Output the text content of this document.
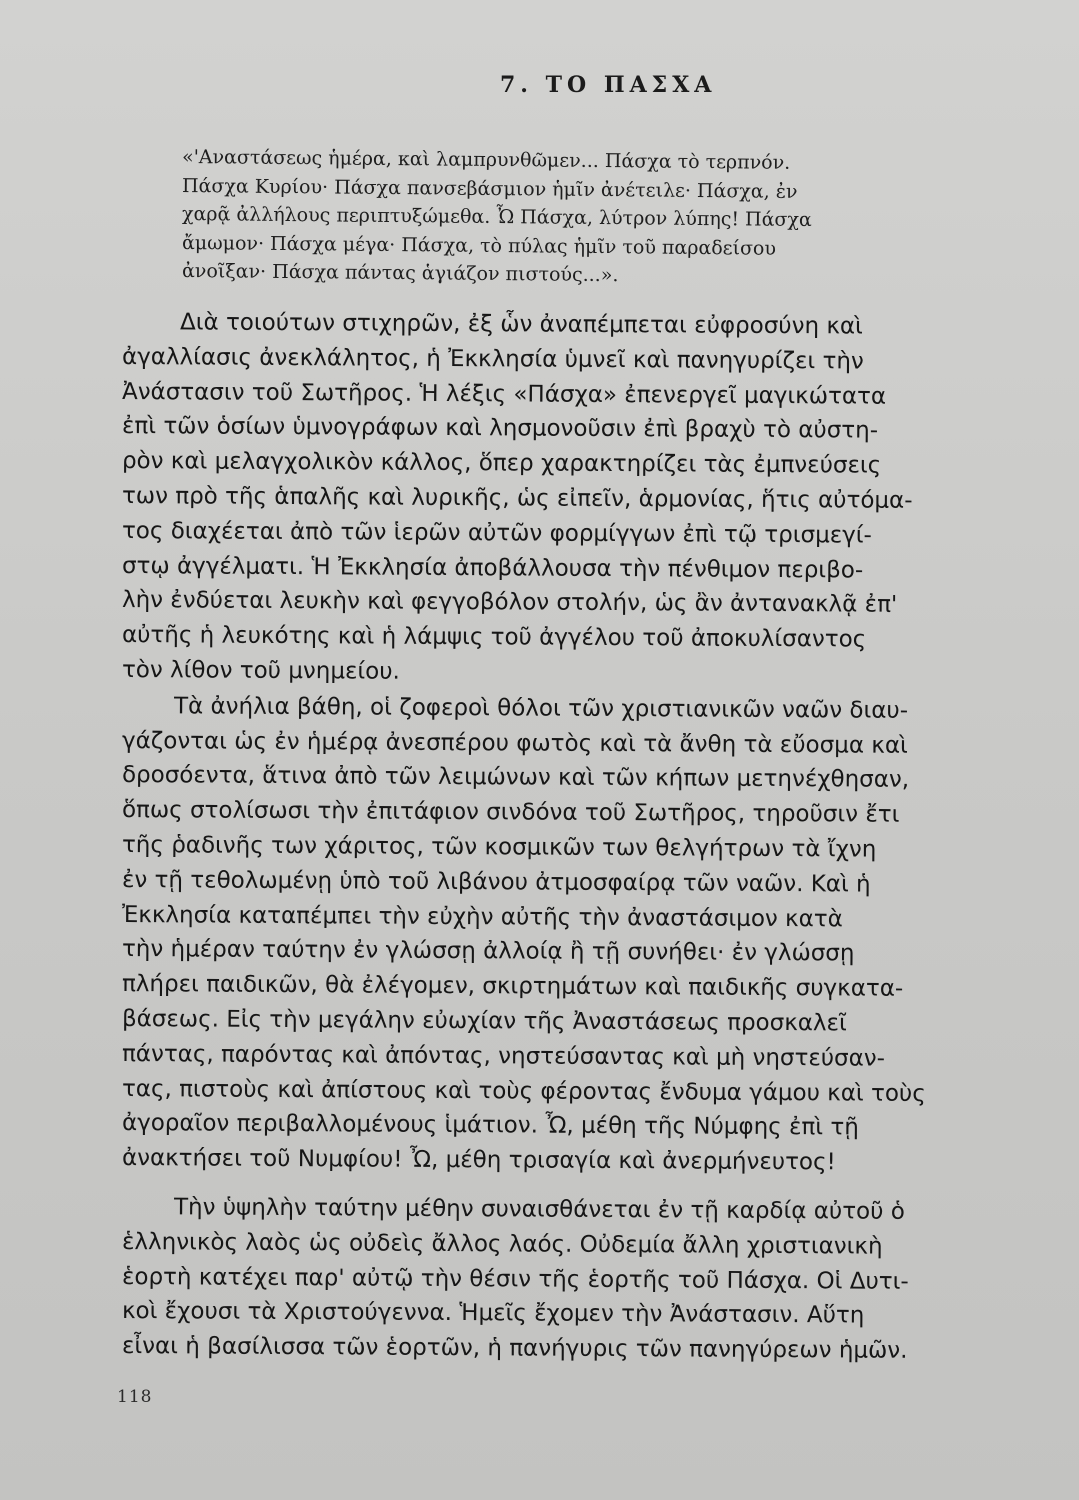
7. ΤΟ ΠΑΣΧΑ
«'Αναστάσεως ἡμέρα, καὶ λαμπρυνθῶμεν... Πάσχα τὸ τερπνόν.
Πάσχα Κυρίου· Πάσχα πανσεβάσμιον ἡμῖν ἀνέτειλε· Πάσχα, ἐν
χαρᾷ ἀλλήλους περιπτυξώμεθα. Ὦ Πάσχα, λύτρον λύπης! Πάσχα
ἄμωμον· Πάσχα μέγα· Πάσχα, τὸ πύλας ἡμῖν τοῦ παραδείσου
ἀνοῖξαν· Πάσχα πάντας ἁγιάζον πιστούς...».
Διὰ τοιούτων στιχηρῶν, ἐξ ὧν ἀναπέμπεται εὐφροσύνη καὶ
ἀγαλλίασις ἀνεκλάλητος, ἡ Ἐκκλησία ὑμνεῖ καὶ πανηγυρίζει τὴν
Ἀνάστασιν τοῦ Σωτῆρος. Ἡ λέξις «Πάσχα» ἐπενεργεῖ μαγικώτατα
ἐπὶ τῶν ὁσίων ὑμνογράφων καὶ λησμονοῦσιν ἐπὶ βραχὺ τὸ αὐστη-
ρὸν καὶ μελαγχολικὸν κάλλος, ὅπερ χαρακτηρίζει τὰς ἐμπνεύσεις
των πρὸ τῆς ἁπαλῆς καὶ λυρικῆς, ὡς εἰπεῖν, ἁρμονίας, ἥτις αὐτόμα-
τος διαχέεται ἀπὸ τῶν ἱερῶν αὐτῶν φορμίγγων ἐπὶ τῷ τρισμεγί-
στῳ ἀγγέλματι. Ἡ Ἐκκλησία ἀποβάλλουσα τὴν πένθιμον περιβο-
λὴν ἐνδύεται λευκὴν καὶ φεγγοβόλον στολήν, ὡς ἂν ἀντανακλᾷ ἐπ'
αὐτῆς ἡ λευκότης καὶ ἡ λάμψις τοῦ ἀγγέλου τοῦ ἀποκυλίσαντος
τὸν λίθον τοῦ μνημείου.
Τὰ ἀνήλια βάθη, οἱ ζοφεροὶ θόλοι τῶν χριστιανικῶν ναῶν διαυ-
γάζονται ὡς ἐν ἡμέρᾳ ἀνεσπέρου φωτὸς καὶ τὰ ἄνθη τὰ εὔοσμα καὶ
δροσόεντα, ἅτινα ἀπὸ τῶν λειμώνων καὶ τῶν κήπων μετηνέχθησαν,
ὅπως στολίσωσι τὴν ἐπιτάφιον σινδόνα τοῦ Σωτῆρος, τηροῦσιν ἔτι
τῆς ῥαδινῆς των χάριτος, τῶν κοσμικῶν των θελγήτρων τὰ ἴχνη
ἐν τῇ τεθολωμένῃ ὑπὸ τοῦ λιβάνου ἀτμοσφαίρᾳ τῶν ναῶν. Καὶ ἡ
Ἐκκλησία καταπέμπει τὴν εὐχὴν αὐτῆς τὴν ἀναστάσιμον κατὰ
τὴν ἡμέραν ταύτην ἐν γλώσσῃ ἀλλοίᾳ ἢ τῇ συνήθει· ἐν γλώσσῃ
πλήρει παιδικῶν, θὰ ἐλέγομεν, σκιρτημάτων καὶ παιδικῆς συγκατα-
βάσεως. Εἰς τὴν μεγάλην εὐωχίαν τῆς Ἀναστάσεως προσκαλεῖ
πάντας, παρόντας καὶ ἀπόντας, νηστεύσαντας καὶ μὴ νηστεύσαν-
τας, πιστοὺς καὶ ἀπίστους καὶ τοὺς φέροντας ἔνδυμα γάμου καὶ τοὺς
ἀγοραῖον περιβαλλομένους ἱμάτιον. Ὦ, μέθη τῆς Νύμφης ἐπὶ τῇ
ἀνακτήσει τοῦ Νυμφίου! Ὦ, μέθη τρισαγία καὶ ἀνερμήνευτος!
Τὴν ὑψηλὴν ταύτην μέθην συναισθάνεται ἐν τῇ καρδίᾳ αὐτοῦ ὁ
ἑλληνικὸς λαὸς ὡς οὐδεὶς ἄλλος λαός. Οὐδεμία ἄλλη χριστιανικὴ
ἑορτὴ κατέχει παρ' αὐτῷ τὴν θέσιν τῆς ἑορτῆς τοῦ Πάσχα. Οἱ Δυτι-
κοὶ ἔχουσι τὰ Χριστούγεννα. Ἡμεῖς ἔχομεν τὴν Ἀνάστασιν. Αὕτη
εἶναι ἡ βασίλισσα τῶν ἑορτῶν, ἡ πανήγυρις τῶν πανηγύρεων ἡμῶν.
118
